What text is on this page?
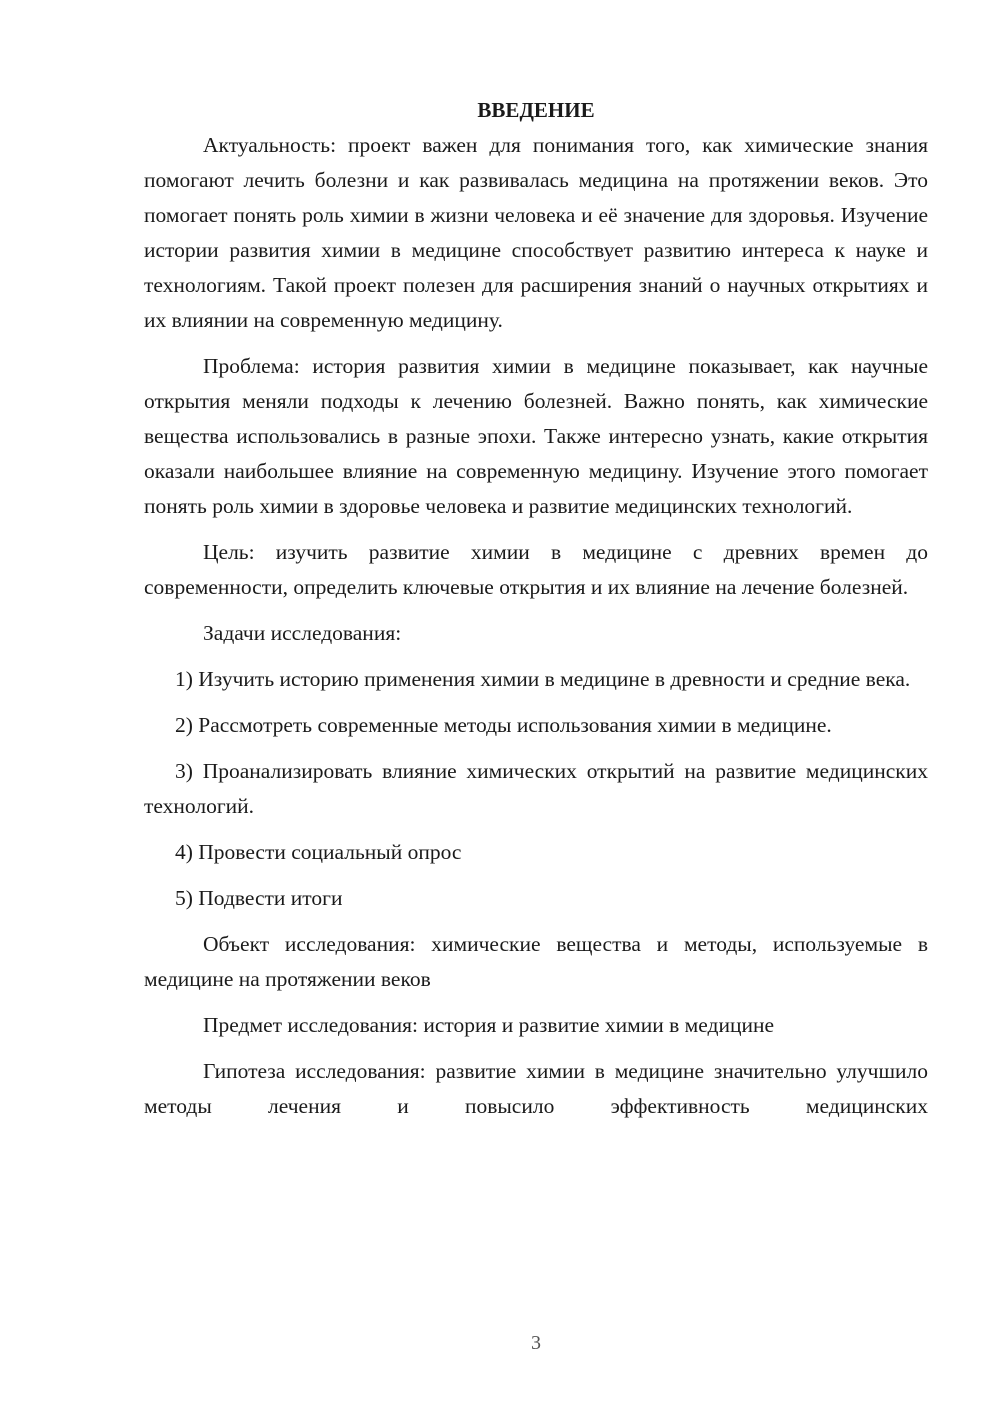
ВВЕДЕНИЕ

Актуальность: проект важен для понимания того, как химические знания помогают лечить болезни и как развивалась медицина на протяжении веков. Это помогает понять роль химии в жизни человека и её значение для здоровья. Изучение истории развития химии в медицине способствует развитию интереса к науке и технологиям. Такой проект полезен для расширения знаний о научных открытиях и их влиянии на современную медицину.

Проблема: история развития химии в медицине показывает, как научные открытия меняли подходы к лечению болезней. Важно понять, как химические вещества использовались в разные эпохи. Также интересно узнать, какие открытия оказали наибольшее влияние на современную медицину. Изучение этого помогает понять роль химии в здоровье человека и развитие медицинских технологий.

Цель: изучить развитие химии в медицине с древних времен до современности, определить ключевые открытия и их влияние на лечение болезней.

Задачи исследования:

1) Изучить историю применения химии в медицине в древности и средние века.

2) Рассмотреть современные методы использования химии в медицине.

3) Проанализировать влияние химических открытий на развитие медицинских технологий.

4) Провести социальный опрос

5) Подвести итоги

Объект исследования: химические вещества и методы, используемые в медицине на протяжении веков

Предмет исследования: история и развитие химии в медицине

Гипотеза исследования: развитие химии в медицине значительно улучшило методы лечения и повысило эффективность медицинских

3
